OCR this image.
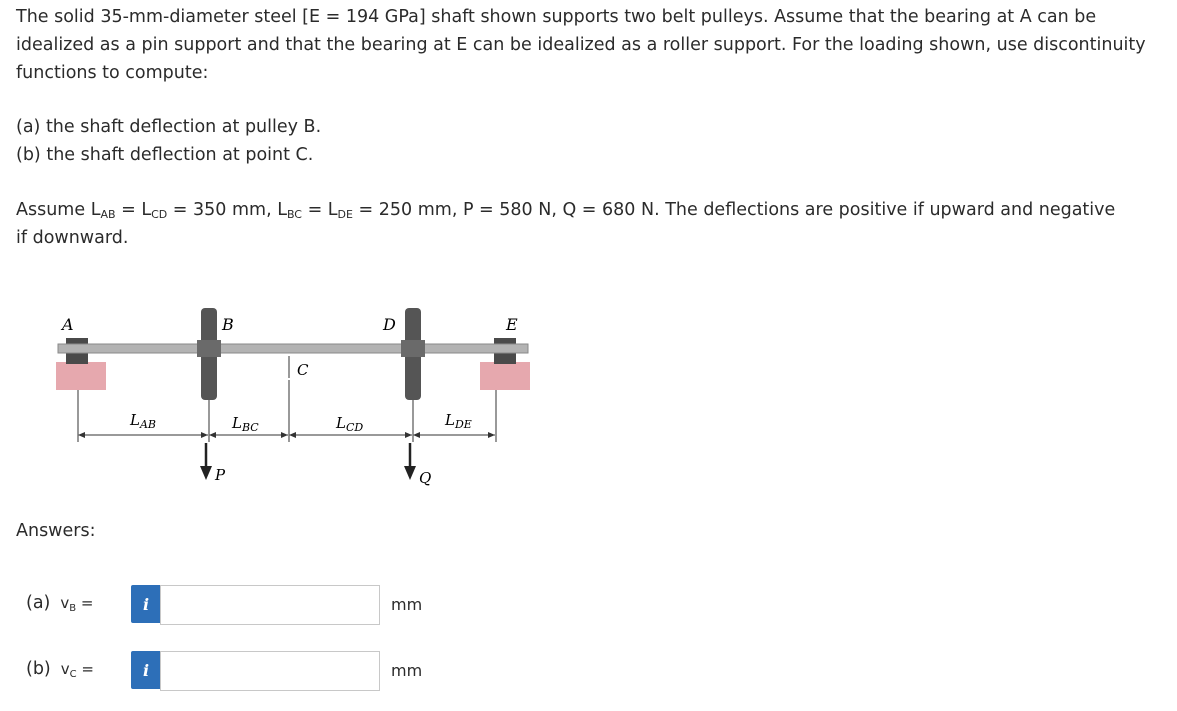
The solid 35-mm-diameter steel [E = 194 GPa] shaft shown supports two belt pulleys. Assume that the bearing at A can be idealized as a pin support and that the bearing at E can be idealized as a roller support. For the loading shown, use discontinuity functions to compute:
(a) the shaft deflection at pulley B.
(b) the shaft deflection at point C.
Assume $L_{AB} = L_{CD} = 350$ mm, $L_{BC} = L_{DE} = 250$ mm, P = 580 N, Q = 680 N. The deflections are positive if upward and negative if downward.
A	B	D	E
C
$L_{AB}$	$L_{BC}$	$L_{CD}$	$L_{DE}$
P	Q
Answers:
(a) $v_B$ =	i	mm
(b) $v_C$ =	i	mm
